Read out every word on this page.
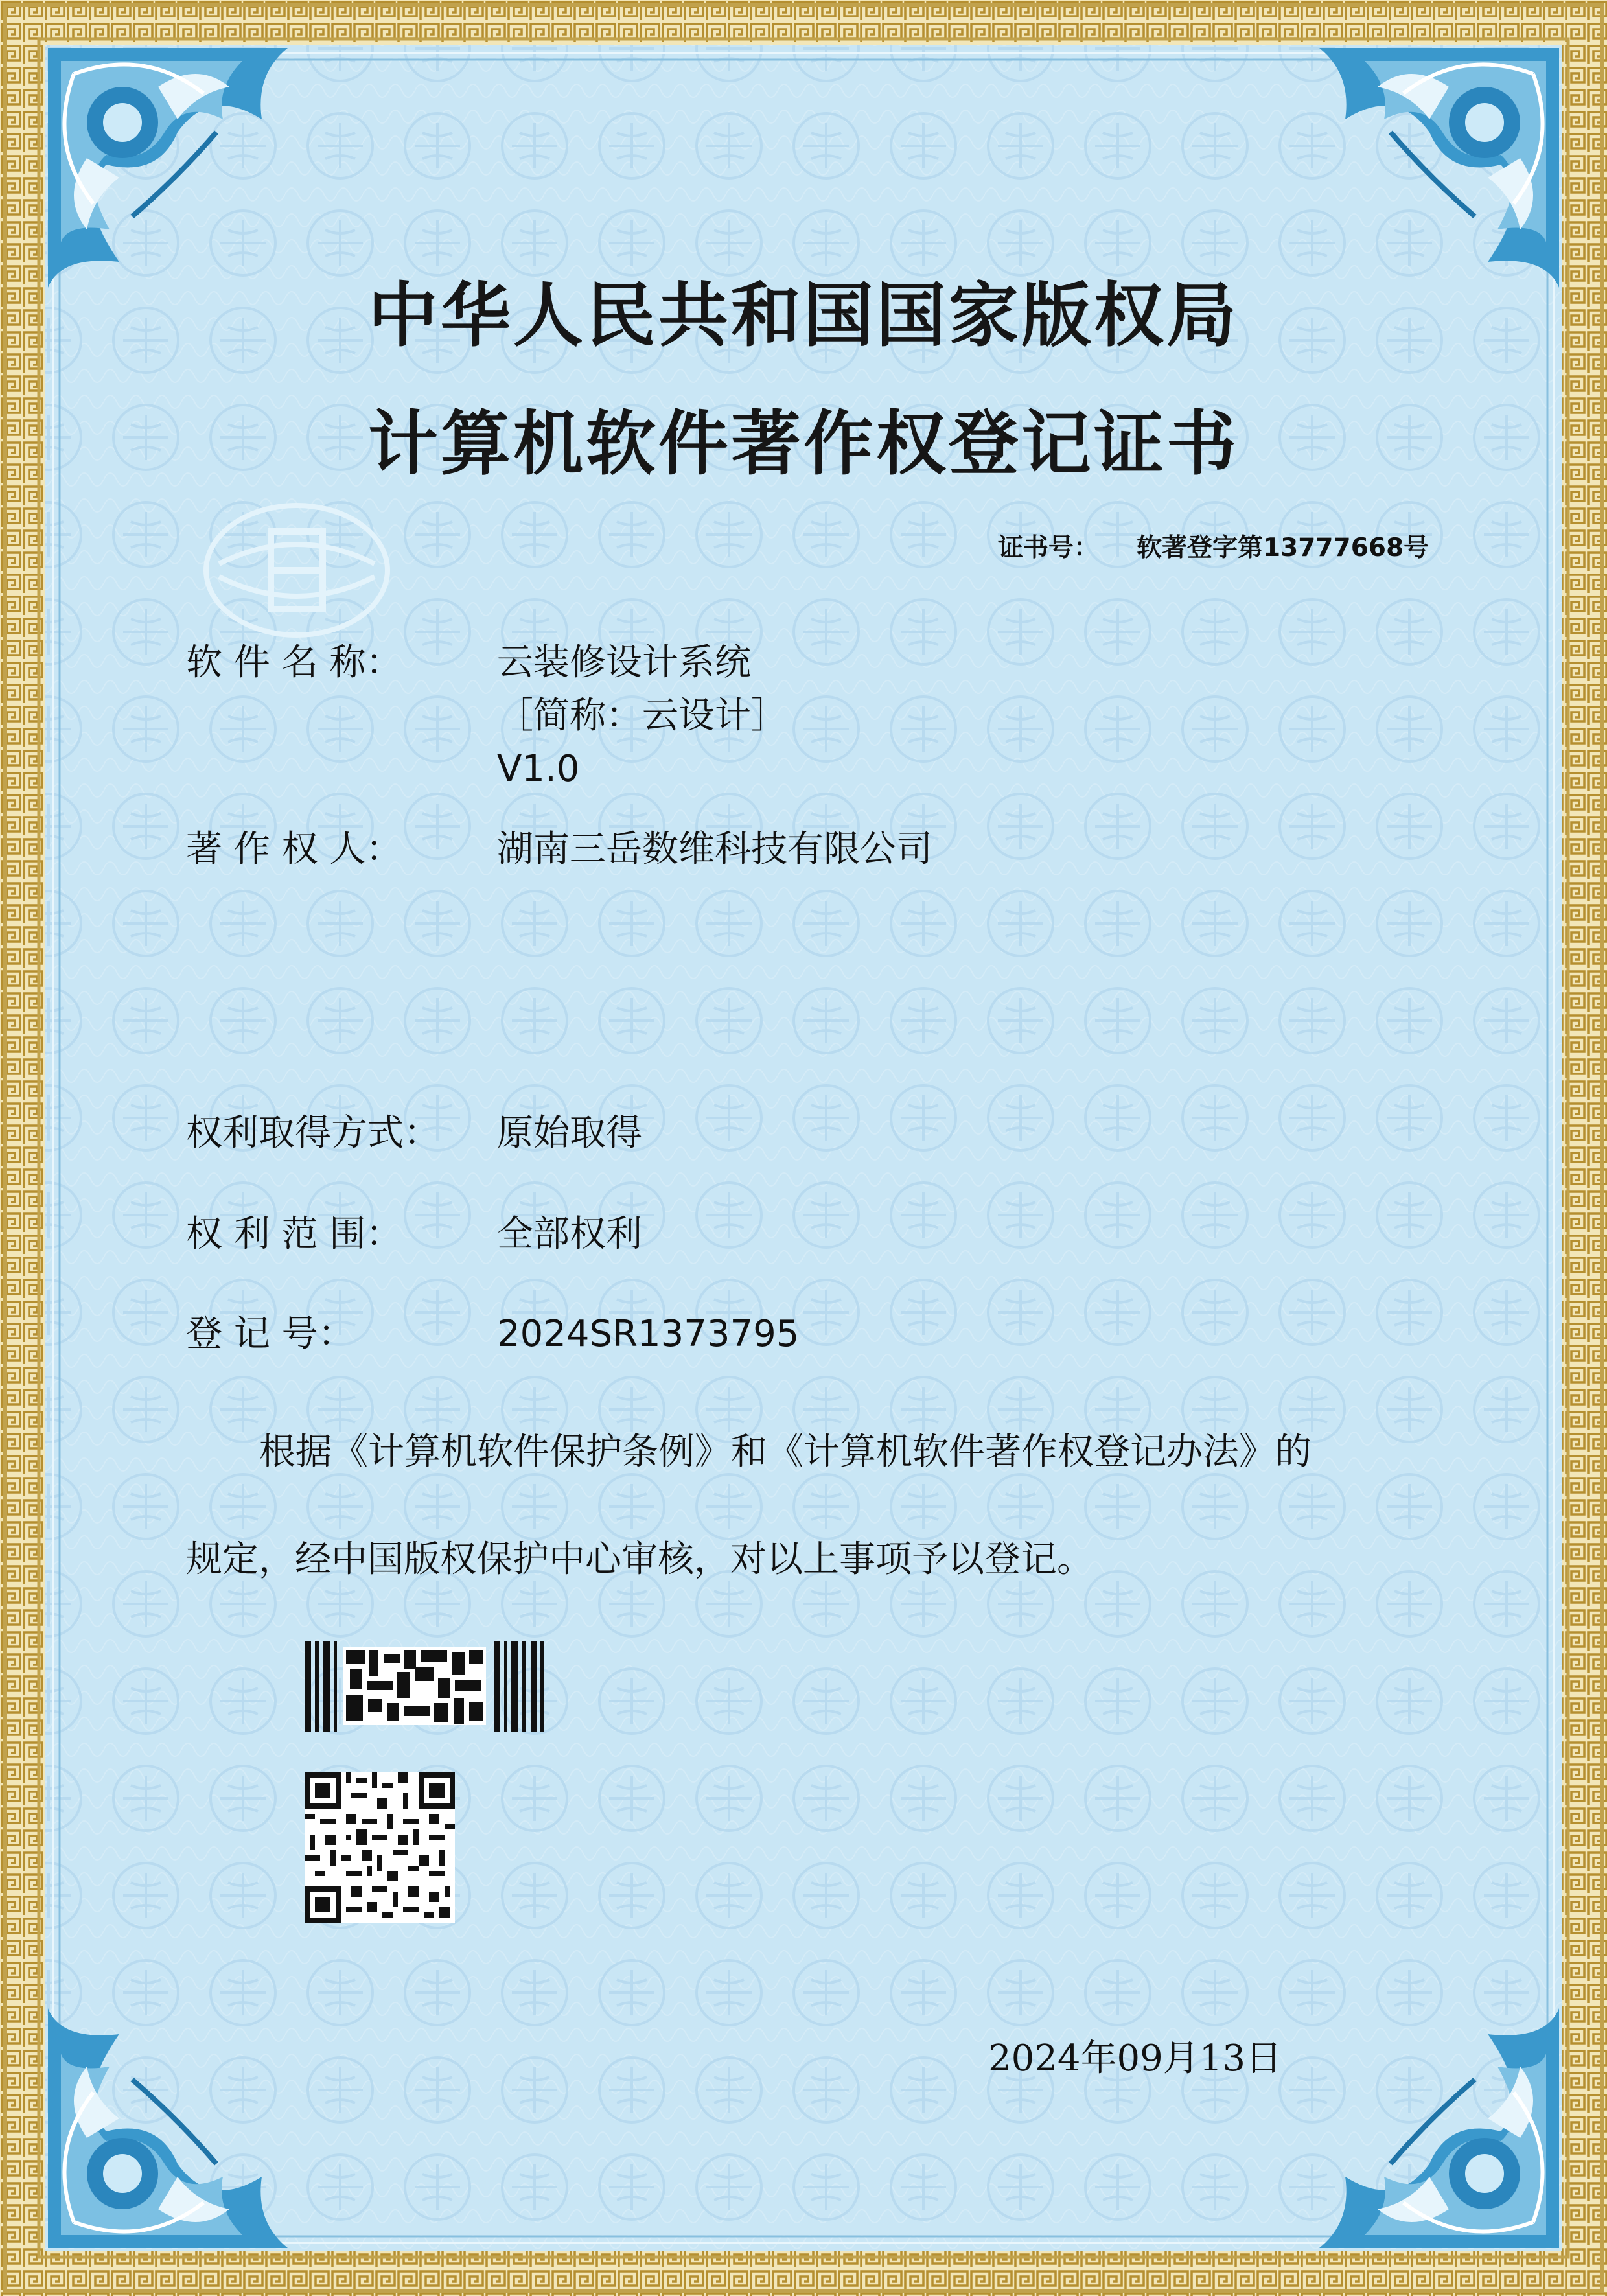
中华人民共和国国家版权局
计算机软件著作权登记证书
证书号： 软著登字第13777668号
软 件 名 称：	云装修设计系统
［简称：云设计］
V1.0
著 作 权 人：	湖南三岳数维科技有限公司
权利取得方式： 原始取得
权 利 范 围：	全部权利
登 记 号：	2024SR1373795
根据《计算机软件保护条例》和《计算机软件著作权登记办法》的
规定，经中国版权保护中心审核，对以上事项予以登记。
2024年09月13日
